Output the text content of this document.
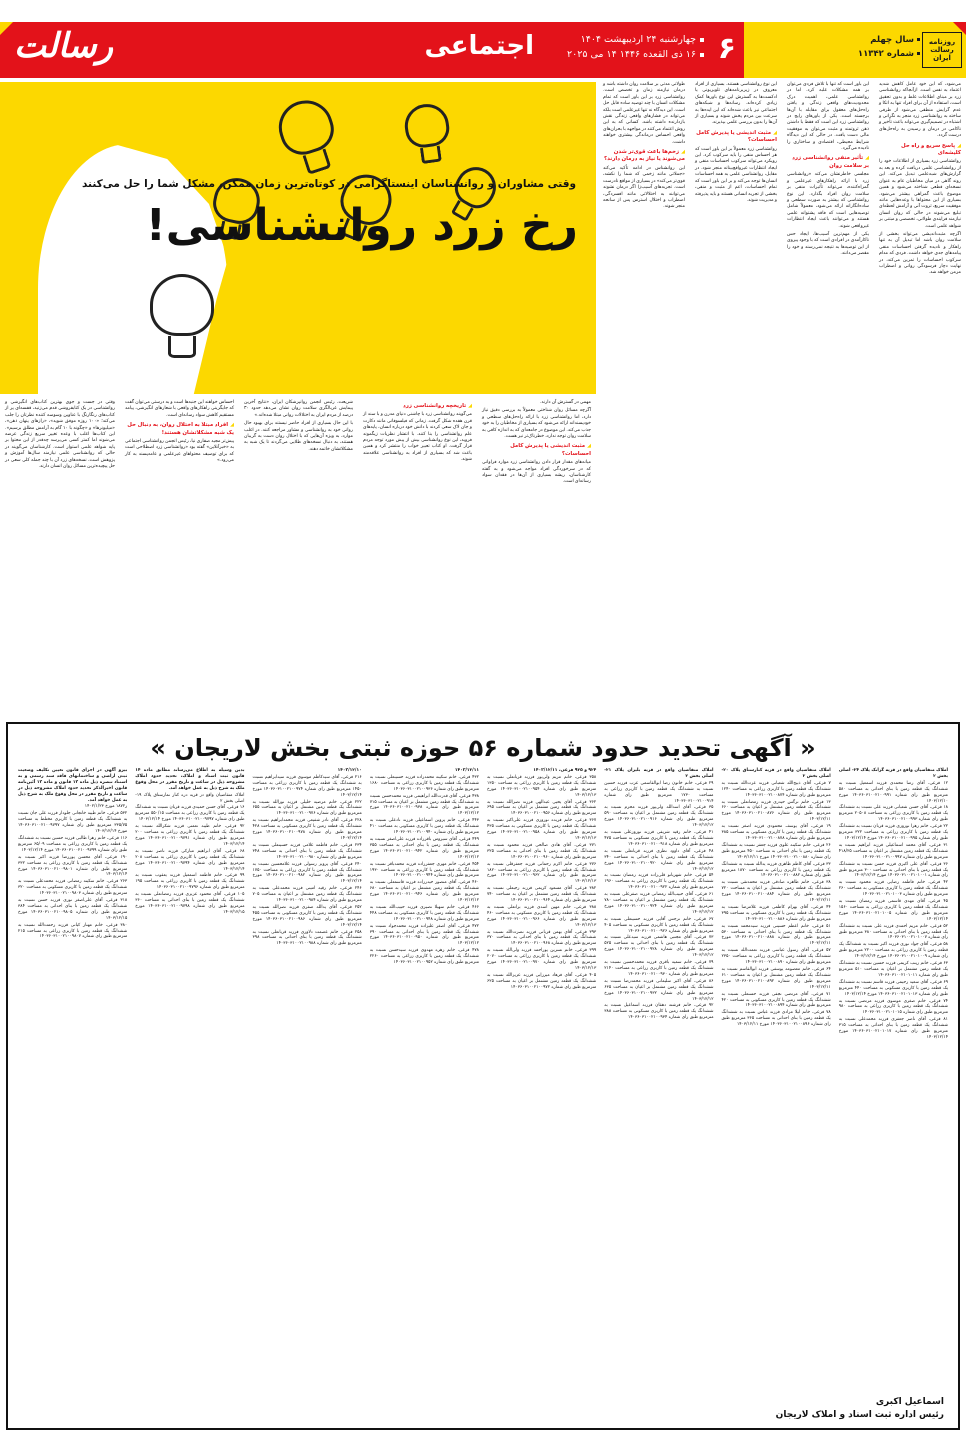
۶
چهارشنبه ۲۴ اردیبهشت ۱۴۰۴
۱۶ ذی القعده ۱۴۴۶ ۱۴ می ۲۰۲۵
اجتماعی
رسالت	سال چهلم
شماره ۱۱۳۴۲
روزنامه رسالت ایران
وقتی مشاوران و روانشناسان اینستاگرامی در کوتاه‌ترین زمان ممکن، مشکل شما را حل می‌کنند
رخ زرد روانشناسی!

می‌شود، که این خود عامل کاهش شدید اعتماد به نفس است. ازآنجاکه روانشناسی زرد بر مبنای اطلاعات غلط و بدون تحقیق است، استفاده از آن برای افراد تنها به اتکا و عدم گرایش منطقی می‌شود از طرفی ساخته به روانشناسی زرد منجر به نگرانی و اشتباه در تصمیم‌گیری می‌تواند باعث تأخیر و ناکامی در درمان و رسیدن به راه‌حل‌های درست گردد.

◢ پاسخ سریع و راه حل کلیشه‌ای

روانشناسی زرد بسیاری از اطلاعات خود را از روانشناسی علمی دریافت کرده و بعد به گزارش‌های شبه‌علمی تبدیل می‌کند. این روند گاهی در میان مخاطبان عام به عنوان نسخه‌ای قطعی شناخته می‌شود و همین موضوع باعث گمراهی بیشتر می‌شود. بسیاری از این محتواها با وعده‌هایی مانند موفقیت سریع، ثروت آنی و آرامش لحظه‌ای تبلیغ می‌شوند در حالی که روان انسان نیازمند فرایندی طولانی، تخصصی و مبتنی بر شواهد علمی است.

اگرچه مثبت‌اندیشی می‌تواند بخشی از سلامت روان باشد اما تبدیل آن به تنها راهکار و نادیده گرفتن احساسات منفی پیامدهای جدی خواهد داشت. فردی که مدام سرکوب احساسات را تمرین می‌کند، در نهایت دچار فرسودگی روانی و اضطراب مزمن خواهد شد.

این باور است که تنها با تلاش فردی می‌توان بر همه مشکلات غلبه کرد. اما در روانشناسی علمی، اهمیت درک محدودیت‌های واقعی زندگی و یافتن راه‌حل‌های معقول برای مقابله با آن‌ها برجسته است. یکی از باورهای رایج در روانشناسی زرد این است که فقط با داشتن ذهن ثروتمند و مثبت می‌توان به موفقیت مالی دست یافت. در حالی که این دیدگاه شرایط محیطی، اقتصادی و ساختاری را نادیده می‌گیرد.

◢ تأثیر منفی روانشناسی زرد بر سلامت روان

مجلسی خاطرنشان می‌کند «روانشناسی زرد با ارائه راهکارهای غیرعلمی و گمراه‌کننده، می‌تواند تأثیرات منفی بر سلامت روان افراد بگذارد. این نوع روانشناسی که بیشتر به صورت سطحی و ساده‌انگارانه ارائه می‌شود، معمولاً شامل توصیه‌هایی است که فاقد پشتوانه علمی هستند و می‌توانند باعث ایجاد انتظارات غیرواقعی شوند.

یکی از مهم‌ترین آسیب‌ها، ایجاد حس ناکارآمدی در افرادی است که با وجود پیروی از این توصیه‌ها به نتیجه نمی‌رسند و خود را مقصر می‌دانند.

این نوع روانشناسی هستند. بسیاری از افراد معروف در زیربرنامه‌های تلویزیونی یا ادکست‌ها به گسترش این نوع باورها کمک زیادی کرده‌اند. رسانه‌ها و شبکه‌های اجتماعی نیز باعث شده‌اند که این ایده‌ها به سرعت بین مردم پخش شوند و بسیاری از آن‌ها را بدون بررسی علمی بپذیرند.

◢ مثبت اندیشی یا پذیرش کامل احساسات؟

روانشناسی زرد معمولاً بر این باور است که هر احساس منفی را باید سرکوب کرد. این رویکرد می‌تواند سرکوب احساسات منفی و ایجاد انتظارات غیرواقع‌بینانه منجر شود. در مقابل، روانشناسی علمی به همه احساسات انسان‌ها توجه می‌کند و بر این باور است که تمام احساسات، اعم از مثبت و منفی، بخشی از تجربه انسانی هستند و باید پذیرفته و مدیریت شوند.

طولانی مدتی بر سلامت روان داشته باشد و درمان نیازمند زمان و تخصص است. روانشناسی زرد بر این باور است که تمام مشکلات انسان با چند توصیه ساده قابل حل است. این دیدگاه نه تنها غیرعلمی است بلکه می‌تواند در فشارهای واقعی زندگی نقش بازدارنده داشته باشد. کسانی که به این روش اعتماد می‌کنند در مواجهه با بحران‌های واقعی احساس درماندگی بیشتری خواهند داشت.

◢ زخم‌ها باعث قوی‌تر شدن می‌شوند یا نیاز به درمان دارند؟

این روانشناس در ادامه تأکید می‌کند «جملاتی مانند زخمی که شما را نکشد، قوی‌تر می‌کند» در بسیاری از مواقع نادرست است. تجربه‌های آسیب‌زا اگر درمان نشوند می‌توانند به اختلالاتی مانند افسردگی، اضطراب و اختلال استرس پس از سانحه منجر شوند.

مهمی در گسترش آن دارند.

آگرچه مسائل روان شناختی معمولاً به بررسی دقیق نیاز دارد، اما روانشناسی زرد با ارائه راه‌حل‌های سطحی و خودپسندانه ارائه می‌شود که بسیاری از مخاطبان را به خود جذب می‌کند. این موضوع در جامعه‌ای که به اندازه کافی به سلامت روان توجه ندارد، خطرناک‌تر نیز هست.

◢ مثبت اندیشی یا پذیرش کامل احساسات؟

میانه‌های مقدار قرار دادن روانشناسی زرد موارد فراوانی که در سرخوردگی افراد مواجه می‌شود و به گفته کارشناسان، ریشه بسیاری از آن‌ها در فقدان سواد رسانه‌ای است.

◢ تاریخچه روانشناسی زرد

می‌گویند روانشناسی زرد با چاشنی دنیای مدرن و با سند از قرن هفده شکل گرفت. زمانی که فیلسوفانی مانند دکارت و جان لاک سعی کردند با دانش خود درباره انسان، پایه‌های علم روانشناسی را بنا کنند. با انتشار نظریات زیگموند فروید، این نوع روانشناسی بیش از پیش مورد توجه مردم قرار گرفت. او کتاب تعبیر خواب را منتشر کرد و همین باعث شد که بسیاری از افراد به روانشناسی علاقه‌مند شوند.

شریعت، رئیس انجمن روانپزشکان ایران، «نتایج آخرین پیمایش غربالگری سلامت روان نشان می‌دهد حدود ۳۰ درصد از مردم ایران به اختلالات روانی مبتلا شده‌اند.»

با این حال بسیاری از افراد حاضر نیستند برای بهبود حال روانی خود به روانشناسی و مشاور مراجعه کنند. در اغلب موارد، به ویژه آن‌هایی که با اختلال روان دست به گریبان هستند، به دنبال نسخه‌های طلایی می‌گردند تا یک شبه به مشکلاتشان خاتمه دهند.

احساس خواهند این جنبه‌ها است و به درستی می‌توان گفت که جایگزینی راهکارهای واقعی با شعارهای انگیزشی، پیامد مستقیم کاهش سواد رسانه‌ای است.

◢ افراد مبتلا به اختلال روان، به دنبال حل یک شبه مشکلاتشان هستند!

پیش‌تر مجید صفاری نیا، رئیس انجمن روانشناسی اجتماعی به «خبرآنلاین» گفته بود «روانشناسی زرد اصطلاحی است که برای توصیف محتواهای غیرعلمی و عامه‌پسند به کار می‌رود.»

وقتی در جست و جوی بهترین کتاب‌های انگیزشی و روانشناسی در یک کتابفروشی قدم می‌زنید، قفسه‌ای پر از کتاب‌های رنگارنگ با عناوین وسوسه کننده نظرتان را جلب می‌کند؛ «۱۰۰ روزه موفق شوید»، «رازهای پنهان ذهن»، «میلیونرها» و «چگونه با ۱۰ گام به آرامش مطلق برسیم». این کتاب‌ها اغلب با وعده تغییر سریع زندگی عرضه می‌شوند اما کمتر کسی می‌پرسد چه‌قدر از این محتوا بر پایه شواهد علمی استوار است. کارشناسان می‌گویند در حالی که روانشناسی علمی نیازمند سال‌ها آموزش و پژوهش است، نسخه‌های زرد آن با چند جمله کلی سعی در حل پیچیده‌ترین مسائل روان انسان دارند.

« آگهی تحدید حدود شماره ۵۶ حوزه ثبتی بخش لاریجان »

املاک متقاضیان واقع در قریه گزانک پلاک ۲۴- اصلی بخش ۲

۱۲ فرعی، آقای رضا محمدی فرزند اسمعیل نسبت به ششدانگ یک قطعه زمین با بنای احداثی به مساحت ۵۸۰ مترمربع طبق رای شماره ۱۴۰۳۶۰۳۱۰۰۲۱۰۰۹۹۱ مورخ ۱۴۰۳/۱۲/۱۰

۱۸ فرعی، آقای حسن شعبانی فرزند علی نسبت به ششدانگ یک قطعه زمین با کاربری زراعی به مساحت ۲۰۵۰۸ مترمربع طبق رای شماره ۱۴۰۳۶۰۳۱۰۰۲۱۰۰۹۹۳

۲۲ فرعی، خانم زهرا نوروزی فرزند قربان نسبت به ششدانگ یک قطعه زمین با کاربری زراعی به مساحت ۳۲۲ مترمربع طبق رای شماره ۱۴۰۳۶۰۳۱۰۰۲۱۰۰۹۹۵ مورخ ۱۴۰۳/۱۲/۱۴

۳۱ فرعی، آقای محمد اسماعیلی فرزند ابراهیم نسبت به ششدانگ یک قطعه زمین مشتمل بر اعیان به مساحت ۴۱۸/۲۵ مترمربع طبق رای شماره ۱۴۰۳۶۰۳۱۰۰۲۱۰۰۹۹۷

۳۶ فرعی، آقای علی اکبری فرزند حسن نسبت به ششدانگ یک قطعه زمین با بنای احداثی به مساحت ۳۰۰ مترمربع طبق رای شماره ۱۴۰۳۶۰۳۱۰۰۲۱۰۱۰۰۱ مورخ ۱۴۰۳/۱۲/۱۴

۴۲ فرعی، خانم فاطمه رضایی فرزند محمود نسبت به ششدانگ یک قطعه زمین با کاربری مسکونی به مساحت ۲۶۰ مترمربع طبق رای شماره ۱۴۰۳۶۰۳۱۰۰۲۱۰۱۰۰۳

۴۵ فرعی، آقای مهدی قاسمی فرزند رمضان نسبت به ششدانگ یک قطعه زمین با کاربری زراعی به مساحت ۱۵۶۰ مترمربع طبق رای شماره ۱۴۰۳۶۰۳۱۰۰۲۱۰۱۰۰۵ مورخ ۱۴۰۳/۱۲/۱۴

۵۲ فرعی، خانم مریم احمدی فرزند علی نسبت به ششدانگ یک قطعه زمین با بنای احداثی به مساحت ۳۸۰ مترمربع طبق رای شماره ۱۴۰۳۶۰۳۱۰۰۲۱۰۱۰۰۷

۵۸ فرعی، آقای جواد نوری فرزند اکبر نسبت به ششدانگ یک قطعه زمین با کاربری زراعی به مساحت ۲۲۰۰ مترمربع طبق رای شماره ۱۴۰۳۶۰۳۱۰۰۲۱۰۱۰۰۹ مورخ ۱۴۰۳/۱۲/۱۴

۶۳ فرعی، خانم زینب کریمی فرزند حسین نسبت به ششدانگ یک قطعه زمین مشتمل بر اعیان به مساحت ۵۱۰ مترمربع طبق رای شماره ۱۴۰۳۶۰۳۱۰۰۲۱۰۱۰۱۱

۶۹ فرعی، آقای سعید رحیمی فرزند قاسم نسبت به ششدانگ یک قطعه زمین با کاربری مسکونی به مساحت ۴۴۰ مترمربع طبق رای شماره ۱۴۰۳۶۰۳۱۰۰۲۱۰۱۰۱۳ مورخ ۱۴۰۳/۱۲/۱۴

۷۴ فرعی، خانم صغری موسوی فرزند مرتضی نسبت به ششدانگ یک قطعه زمین با کاربری زراعی به مساحت ۹۸۰ مترمربع طبق رای شماره ۱۴۰۳۶۰۳۱۰۰۲۱۰۱۰۱۵

۸۱ فرعی، آقای ناصر جعفری فرزند محمدعلی نسبت به ششدانگ یک قطعه زمین با بنای احداثی به مساحت ۳۱۵ مترمربع طبق رای شماره ۱۴۰۳۶۰۳۱۰۰۲۱۰۱۰۱۷ مورخ ۱۴۰۳/۱۲/۱۴

املاک متقاضیان واقع در قریه کنارستاق پلاک ۲۰- اصلی بخش ۲

۷ فرعی، آقای ذبیح‌الله شعبانی فرزند عزت‌الله نسبت به ششدانگ یک قطعه زمین با کاربری زراعی به مساحت ۱۲۴۰ مترمربع طبق رای شماره ۱۴۰۳۶۰۳۱۰۰۲۱۰۰۸۷۴

۱۳ فرعی، خانم نرگس حیدری فرزند رمضانعلی نسبت به ششدانگ یک قطعه زمین مشتمل بر اعیان به مساحت ۶۶۰ مترمربع طبق رای شماره ۱۴۰۳۶۰۳۱۰۰۲۱۰۰۸۷۶ مورخ ۱۴۰۳/۱۲/۱۱

۱۹ فرعی، آقای یوسف محمودی فرزند اصغر نسبت به ششدانگ یک قطعه زمین با کاربری مسکونی به مساحت ۳۸۵ مترمربع طبق رای شماره ۱۴۰۳۶۰۳۱۰۰۲۱۰۰۸۷۸

۲۶ فرعی، خانم سکینه علوی فرزند جعفر نسبت به ششدانگ یک قطعه زمین با بنای احداثی به مساحت ۴۵۰ مترمربع طبق رای شماره ۱۴۰۳۶۰۳۱۰۰۲۱۰۰۸۸۰ مورخ ۱۴۰۳/۱۲/۱۱

۳۳ فرعی، آقای کاظم طاهری فرزند یدالله نسبت به ششدانگ یک قطعه زمین با کاربری زراعی به مساحت ۱۸۷۰ مترمربع طبق رای شماره ۱۴۰۳۶۰۳۱۰۰۲۱۰۰۸۸۲

۳۸ فرعی، خانم طاهره صادقی فرزند محمدتقی نسبت به ششدانگ یک قطعه زمین مشتمل بر اعیان به مساحت ۷۲۰ مترمربع طبق رای شماره ۱۴۰۳۶۰۳۱۰۰۲۱۰۰۸۸۴ مورخ ۱۴۰۳/۱۲/۱۱

۴۴ فرعی، آقای بهرام کاظمی فرزند غلامرضا نسبت به ششدانگ یک قطعه زمین با کاربری مسکونی به مساحت ۳۹۵ مترمربع طبق رای شماره ۱۴۰۳۶۰۳۱۰۰۲۱۰۰۸۸۶

۵۱ فرعی، خانم اعظم حسینی فرزند سیدمحمد نسبت به ششدانگ یک قطعه زمین با بنای احداثی به مساحت ۵۳۰ مترمربع طبق رای شماره ۱۴۰۳۶۰۳۱۰۰۲۱۰۰۸۸۸ مورخ ۱۴۰۳/۱۲/۱۱

۵۷ فرعی، آقای رسول عباسی فرزند نعمت‌الله نسبت به ششدانگ یک قطعه زمین با کاربری زراعی به مساحت ۲۳۵۰ مترمربع طبق رای شماره ۱۴۰۳۶۰۳۱۰۰۲۱۰۰۸۹۰

۶۴ فرعی، خانم معصومه یوسفی فرزند ابوالقاسم نسبت به ششدانگ یک قطعه زمین مشتمل بر اعیان به مساحت ۶۱۰ مترمربع طبق رای شماره ۱۴۰۳۶۰۳۱۰۰۲۱۰۰۸۹۲ مورخ ۱۴۰۳/۱۲/۱۱

۷۱ فرعی، آقای مرتضی نجفی فرزند حسنعلی نسبت به ششدانگ یک قطعه زمین با کاربری مسکونی به مساحت ۴۲۰ مترمربع طبق رای شماره ۱۴۰۳۶۰۳۱۰۰۲۱۰۰۸۹۴

۷۸ فرعی، خانم لیلا مرادی فرزند عباس نسبت به ششدانگ یک قطعه زمین با بنای احداثی به مساحت ۳۶۵ مترمربع طبق رای شماره ۱۴۰۳۶۰۳۱۰۰۲۱۰۰۸۹۶ مورخ ۱۴۰۳/۱۲/۱۱

املاک متقاضیان واقع در قریه بلیران پلاک ۲۱- اصلی بخش ۲

۲۹ فرعی، خانم خاتون رضا ابوالقاسمی عرب فرزند حسین نسبت به ششدانگ یک قطعه زمین با کاربری زراعی به مساحت ۱۷۳۰ مترمربع طبق رای شماره ۱۴۰۳۶۰۳۱۰۰۲۱۰۰۹۱۴

۳۵ فرعی، آقای اسدالله ولی‌پور فرزند محرم نسبت به ششدانگ یک قطعه زمین مشتمل بر اعیان به مساحت ۵۹۰ مترمربع طبق رای شماره ۱۴۰۳۶۰۳۱۰۰۲۱۰۰۹۱۶ مورخ ۱۴۰۳/۱۲/۱۲

۴۱ فرعی، خانم رقیه شریفی فرزند نوروزعلی نسبت به ششدانگ یک قطعه زمین با کاربری مسکونی به مساحت ۴۷۵ مترمربع طبق رای شماره ۱۴۰۳۶۰۳۱۰۰۲۱۰۰۹۱۸

۴۸ فرعی، آقای داوود نظری فرزند قربانعلی نسبت به ششدانگ یک قطعه زمین با بنای احداثی به مساحت ۳۴۰ مترمربع طبق رای شماره ۱۴۰۳۶۰۳۱۰۰۲۱۰۰۹۲۰ مورخ ۱۴۰۳/۱۲/۱۲

۵۴ فرعی، خانم شهربانو قلی‌زاده فرزند رمضان نسبت به ششدانگ یک قطعه زمین با کاربری زراعی به مساحت ۱۹۶۰ مترمربع طبق رای شماره ۱۴۰۳۶۰۳۱۰۰۲۱۰۰۹۲۲

۶۱ فرعی، آقای حبیب‌الله رمضانی فرزند صفرعلی نسبت به ششدانگ یک قطعه زمین مشتمل بر اعیان به مساحت ۷۸۰ مترمربع طبق رای شماره ۱۴۰۳۶۰۳۱۰۰۲۱۰۰۹۲۴ مورخ ۱۴۰۳/۱۲/۱۲

۶۷ فرعی، خانم نرجس آقایی فرزند حسینعلی نسبت به ششدانگ یک قطعه زمین با کاربری مسکونی به مساحت ۴۰۵ مترمربع طبق رای شماره ۱۴۰۳۶۰۳۱۰۰۲۱۰۰۹۲۶

۷۳ فرعی، آقای مجتبی هاشمی فرزند سیدعلی نسبت به ششدانگ یک قطعه زمین با بنای احداثی به مساحت ۵۲۵ مترمربع طبق رای شماره ۱۴۰۳۶۰۳۱۰۰۲۱۰۰۹۲۸ مورخ ۱۴۰۳/۱۲/۱۲

۷۹ فرعی، خانم سمیه باقری فرزند محمدحسین نسبت به ششدانگ یک قطعه زمین با کاربری زراعی به مساحت ۲۱۴۰ مترمربع طبق رای شماره ۱۴۰۳۶۰۳۱۰۰۲۱۰۰۹۳۰

۸۶ فرعی، آقای اکبر سلیمانی فرزند محمدرضا نسبت به ششدانگ یک قطعه زمین مشتمل بر اعیان به مساحت ۶۳۵ مترمربع طبق رای شماره ۱۴۰۳۶۰۳۱۰۰۲۱۰۰۹۳۲ مورخ ۱۴۰۳/۱۲/۱۲

۹۲ فرعی، خانم فرشته دهقان فرزند اسماعیل نسبت به ششدانگ یک قطعه زمین با کاربری مسکونی به مساحت ۳۸۸ مترمربع طبق رای شماره ۱۴۰۳۶۰۳۱۰۰۲۱۰۰۹۳۴

۹۲۴ و ۹۲۵ فرعی، ۱۴۰۳/۱۲/۱۱

۳۵۸ فرعی، خانم مریم ولی‌پور فرزند قربانعلی نسبت به ششدانگ یک قطعه زمین با کاربری زراعی به مساحت ۱۳۵۰ مترمربع طبق رای شماره ۱۴۰۳۶۰۳۱۰۰۲۱۰۰۹۵۴ مورخ ۱۴۰۳/۱۲/۱۳

۳۶۲ فرعی، آقای یحیی عبدالهی فرزند نصرالله نسبت به ششدانگ یک قطعه زمین مشتمل بر اعیان به مساحت ۶۹۵ مترمربع طبق رای شماره ۱۴۰۳۶۰۳۱۰۰۲۱۰۰۹۵۶

۳۶۷ فرعی، خانم فریده نوروزی فرزند علی‌اکبر نسبت به ششدانگ یک قطعه زمین با کاربری مسکونی به مساحت ۴۳۵ مترمربع طبق رای شماره ۱۴۰۳۶۰۳۱۰۰۲۱۰۰۹۵۸ مورخ ۱۴۰۳/۱۲/۱۳

۳۷۱ فرعی، آقای هادی صالحی فرزند محمود نسبت به ششدانگ یک قطعه زمین با بنای احداثی به مساحت ۳۲۵ مترمربع طبق رای شماره ۱۴۰۳۶۰۳۱۰۰۲۱۰۰۹۶۰

۳۷۶ فرعی، خانم اکرم رحمانی فرزند جعفرقلی نسبت به ششدانگ یک قطعه زمین با کاربری زراعی به مساحت ۱۸۲۰ مترمربع طبق رای شماره ۱۴۰۳۶۰۳۱۰۰۲۱۰۰۹۶۲ مورخ ۱۴۰۳/۱۲/۱۳

۳۸۲ فرعی، آقای مسعود کریمی فرزند رجبعلی نسبت به ششدانگ یک قطعه زمین مشتمل بر اعیان به مساحت ۷۴۰ مترمربع طبق رای شماره ۱۴۰۳۶۰۳۱۰۰۲۱۰۰۹۶۴

۳۸۸ فرعی، خانم مهین اسدی فرزند براتعلی نسبت به ششدانگ یک قطعه زمین با کاربری مسکونی به مساحت ۴۶۰ مترمربع طبق رای شماره ۱۴۰۳۶۰۳۱۰۰۲۱۰۰۹۶۶ مورخ ۱۴۰۳/۱۲/۱۳

۳۹۳ فرعی، آقای بهمن قربانی فرزند نصرت‌الله نسبت به ششدانگ یک قطعه زمین با بنای احداثی به مساحت ۳۷۰ مترمربع طبق رای شماره ۱۴۰۳۶۰۳۱۰۰۲۱۰۰۹۶۸

۳۹۹ فرعی، خانم نسرین پوراحمد فرزند ولی‌الله نسبت به ششدانگ یک قطعه زمین با کاربری زراعی به مساحت ۲۰۷۰ مترمربع طبق رای شماره ۱۴۰۳۶۰۳۱۰۰۲۱۰۰۹۷۰ مورخ ۱۴۰۳/۱۲/۱۳

۴۰۵ فرعی، آقای فرهاد میرزایی فرزند عزیزالله نسبت به ششدانگ یک قطعه زمین مشتمل بر اعیان به مساحت ۶۲۵ مترمربع طبق رای شماره ۱۴۰۳۶۰۳۱۰۰۲۱۰۰۹۷۲

۱۴۰۳/۱۲/۱۱

۴۳۲ فرعی، خانم سکینه محمدزاده فرزند حسینعلی نسبت به ششدانگ یک قطعه زمین با کاربری زراعی به مساحت ۱۶۸۰ مترمربع طبق رای شماره ۱۴۰۳۶۰۳۱۰۰۲۱۰۰۹۳۶

۴۳۸ فرعی، آقای قدرت‌الله ابراهیمی فرزند محمدحسن نسبت به ششدانگ یک قطعه زمین مشتمل بر اعیان به مساحت ۷۱۵ مترمربع طبق رای شماره ۱۴۰۳۶۰۳۱۰۰۲۱۰۰۹۳۸ مورخ ۱۴۰۳/۱۲/۱۲

۴۴۳ فرعی، خانم پروین اسماعیلی فرزند نادعلی نسبت به ششدانگ یک قطعه زمین با کاربری مسکونی به مساحت ۴۱۰ مترمربع طبق رای شماره ۱۴۰۳۶۰۳۱۰۰۲۱۰۰۹۴۰

۴۴۹ فرعی، آقای سیروس باقرزاده فرزند علی‌اصغر نسبت به ششدانگ یک قطعه زمین با بنای احداثی به مساحت ۳۵۵ مترمربع طبق رای شماره ۱۴۰۳۶۰۳۱۰۰۲۱۰۰۹۴۲ مورخ ۱۴۰۳/۱۲/۱۲

۴۵۴ فرعی، خانم مهری جعفرزاده فرزند محمدباقر نسبت به ششدانگ یک قطعه زمین با کاربری زراعی به مساحت ۱۹۳۰ مترمربع طبق رای شماره ۱۴۰۳۶۰۳۱۰۰۲۱۰۰۹۴۴

۴۶۰ فرعی، آقای منصور حیدرزاده فرزند قاسمعلی نسبت به ششدانگ یک قطعه زمین مشتمل بر اعیان به مساحت ۶۸۰ مترمربع طبق رای شماره ۱۴۰۳۶۰۳۱۰۰۲۱۰۰۹۴۶ مورخ ۱۴۰۳/۱۲/۱۲

۴۶۶ فرعی، خانم سهیلا نصیری فرزند حبیب‌الله نسبت به ششدانگ یک قطعه زمین با کاربری مسکونی به مساحت ۴۴۸ مترمربع طبق رای شماره ۱۴۰۳۶۰۳۱۰۰۲۱۰۰۹۴۸

۴۷۲ فرعی، آقای اصغر علیزاده فرزند محمدجواد نسبت به ششدانگ یک قطعه زمین با بنای احداثی به مساحت ۳۹۰ مترمربع طبق رای شماره ۱۴۰۳۶۰۳۱۰۰۲۱۰۰۹۵۰ مورخ ۱۴۰۳/۱۲/۱۲

۴۷۸ فرعی، خانم زهره مهدوی فرزند سیدحسن نسبت به ششدانگ یک قطعه زمین با کاربری زراعی به مساحت ۲۲۶۰ مترمربع طبق رای شماره ۱۴۰۳۶۰۳۱۰۰۲۱۰۰۹۵۲

۱۴۰۳/۱۲/۱۰

۲۱۶ فرعی، آقای سیدکاظم موسوی فرزند سیدابراهیم نسبت به ششدانگ یک قطعه زمین با کاربری زراعی به مساحت ۱۴۵۰ مترمربع طبق رای شماره ۱۴۰۳۶۰۳۱۰۰۲۱۰۰۹۷۴ مورخ ۱۴۰۳/۱۲/۱۴

۲۲۲ فرعی، خانم مرضیه خلیلی فرزند نورالله نسبت به ششدانگ یک قطعه زمین مشتمل بر اعیان به مساحت ۶۵۵ مترمربع طبق رای شماره ۱۴۰۳۶۰۳۱۰۰۲۱۰۰۹۷۶

۲۲۸ فرعی، آقای نادر شفیعی فرزند محمدابراهیم نسبت به ششدانگ یک قطعه زمین با کاربری مسکونی به مساحت ۴۲۸ مترمربع طبق رای شماره ۱۴۰۳۶۰۳۱۰۰۲۱۰۰۹۷۸ مورخ ۱۴۰۳/۱۲/۱۴

۲۳۴ فرعی، خانم فاطمه غلامی فرزند حسینعلی نسبت به ششدانگ یک قطعه زمین با بنای احداثی به مساحت ۳۴۸ مترمربع طبق رای شماره ۱۴۰۳۶۰۳۱۰۰۲۱۰۰۹۸۰

۲۴۰ فرعی، آقای پرویز رسولی فرزند غلامحسین نسبت به ششدانگ یک قطعه زمین با کاربری زراعی به مساحت ۱۷۵۰ مترمربع طبق رای شماره ۱۴۰۳۶۰۳۱۰۰۲۱۰۰۹۸۲ مورخ ۱۴۰۳/۱۲/۱۴

۲۴۶ فرعی، خانم رقیه امینی فرزند محمدعلی نسبت به ششدانگ یک قطعه زمین مشتمل بر اعیان به مساحت ۷۰۵ مترمربع طبق رای شماره ۱۴۰۳۶۰۳۱۰۰۲۱۰۰۹۸۴

۲۵۲ فرعی، آقای یدالله صفری فرزند نصرالله نسبت به ششدانگ یک قطعه زمین با کاربری مسکونی به مساحت ۴۵۵ مترمربع طبق رای شماره ۱۴۰۳۶۰۳۱۰۰۲۱۰۰۹۸۶ مورخ ۱۴۰۳/۱۲/۱۴

۲۵۸ فرعی، خانم عصمت دلاوری فرزند قربانعلی نسبت به ششدانگ یک قطعه زمین با بنای احداثی به مساحت ۳۹۸ مترمربع طبق رای شماره ۱۴۰۳۶۰۳۱۰۰۲۱۰۰۹۸۸

بدین وسیله به اطلاع می‌رساند مطابق ماده ۱۴ قانون ثبت اسناد و املاک، تحدید حدود املاک مشروحه ذیل در ساعت و تاریخ مقرر در محل وقوع ملک به شرح ذیل به عمل خواهد آمد.

املاک متقاضیان واقع در قریه دره کنار نمارستاق پلاک ۱۹- اصلی بخش ۲

۱۶ فرعی، آقای حسن حمیدی فرزند قربان نسبت به ششدانگ یک قطعه زمین با کاربری زراعی به مساحت ۵۵۰/۱۵ مترمربع طبق رای شماره ۱۴۰۳۶۰۳۱۰۰۲۱۰۰۹۷۹۷ مورخ ۱۴۰۳/۱۲/۱۴

۹۲ فرعی، خانم طیبه نعمتی فرزند شکرالله نسبت به ششدانگ یک قطعه زمین با کاربری زراعی به مساحت ۲۰۰ مترمربع طبق رای شماره ۱۴۰۳۶۰۳۱۰۰۲۱۰۰۹۷۹۱ مورخ ۱۴۰۳/۱۲/۱۴

۶۸ فرعی، آقای ابراهیم مبارکی فرزند ناصر نسبت به ششدانگ یک قطعه زمین با کاربری زراعی به مساحت ۲۰۸ مترمربع طبق رای شماره ۱۴۰۳۶۰۳۱۰۰۲۱۰۰۹۷۹۴ مورخ ۱۴۰۳/۱۲/۱۴

۹۹ فرعی، خانم فاطمه اسمعیل‌ فرزند یعقوب نسبت به ششدانگ یک قطعه زمین با کاربری زراعی به مساحت ۱۹۵ مترمربع طبق رای شماره ۱۴۰۳۶۰۳۱۰۰۲۱۰۰۹۷۹۶

۱۰۵ فرعی، آقای محمود عزیزی فرزند رمضانعلی نسبت به ششدانگ یک قطعه زمین با بنای احداثی به مساحت ۳۶۰ مترمربع طبق رای شماره ۱۴۰۳۶۰۳۱۰۰۲۱۰۰۹۷۹۸ مورخ ۱۴۰۳/۱۲/۱۵

بیرو آگهی در اجرای قانون تعیین تکلیف وضعیت ثبتی اراضی و ساختمانهای فاقد سند رسمی و به استناد تبصره ذیل ماده ۱۳ قانون و ماده ۱۳ آئین‌نامه قانون اخیرالذکر تحدید حدود املاک مشروحه ذیل در ساعت و تاریخ مقرر در محل وقوع ملک به شرح ذیل به عمل خواهد آمد.

ر۱۸۷۲ مورخ ۱۴۰۲/۱/۲۳

۵۳۲ فرعی، خانم طیبه خانجانی جلودار فرزند علی جان نسبت به ششدانگ یک قطعه زمین با کاربری مختلط به مساحت ۳۳۵/۷۵ مترمربع طبق رای شماره ۱۴۰۳۶۰۳۱۰۰۲۱۰۰۹۷۹۷ مورخ ۱۴۰۳/۱۲/۱۴

۱۱۶ فرعی، خانم زهرا طالبی فرزند حسین نسبت به ششدانگ یک قطعه زمین با کاربری زراعی به مساحت ۶۵/۰۹ مترمربع طبق رای شماره ۱۴۰۳۶۰۳۱۰۰۲۱۰۰۹۷۹۹ مورخ ۱۴۰۳/۱۲/۱۴

۱۹۰ فرعی، آقای محسن پوررضا فرزند اکبر نسبت به ششدانگ یک قطعه زمین با کاربری زراعی به مساحت ۳۳۲ مترمربع طبق رای شماره ۱۴۰۳۶۰۳۱۰۰۲۱۰۰۹۸۰۱ مورخ ۱۴۰۳/۱۲/۱۴

۲۶۳ فرعی، خانم سکینه رمضانی فرزند محمدعلی نسبت به ششدانگ یک قطعه زمین با کاربری مسکونی به مساحت ۳۲۰ مترمربع طبق رای شماره ۱۴۰۳۶۰۳۱۰۰۲۱۰۰۹۸۰۳

۳۱۸ فرعی، آقای علی‌اصغر نوری فرزند حسن نسبت به ششدانگ یک قطعه زمین با بنای احداثی به مساحت ۳۸۴ مترمربع طبق رای شماره ۱۴۰۳۶۰۳۱۰۰۲۱۰۰۹۸۰۵ مورخ ۱۴۰۳/۱۲/۱۵

۳۸۰ فرعی، خانم مهناز کیانی فرزند رحمت‌الله نسبت به ششدانگ یک قطعه زمین با کاربری زراعی به مساحت ۲۱۵ مترمربع طبق رای شماره ۱۴۰۳۶۰۳۱۰۰۲۱۰۰۹۸۰۷

اسماعیل اکبری
رئیس اداره ثبت اسناد و املاک لاریجان
